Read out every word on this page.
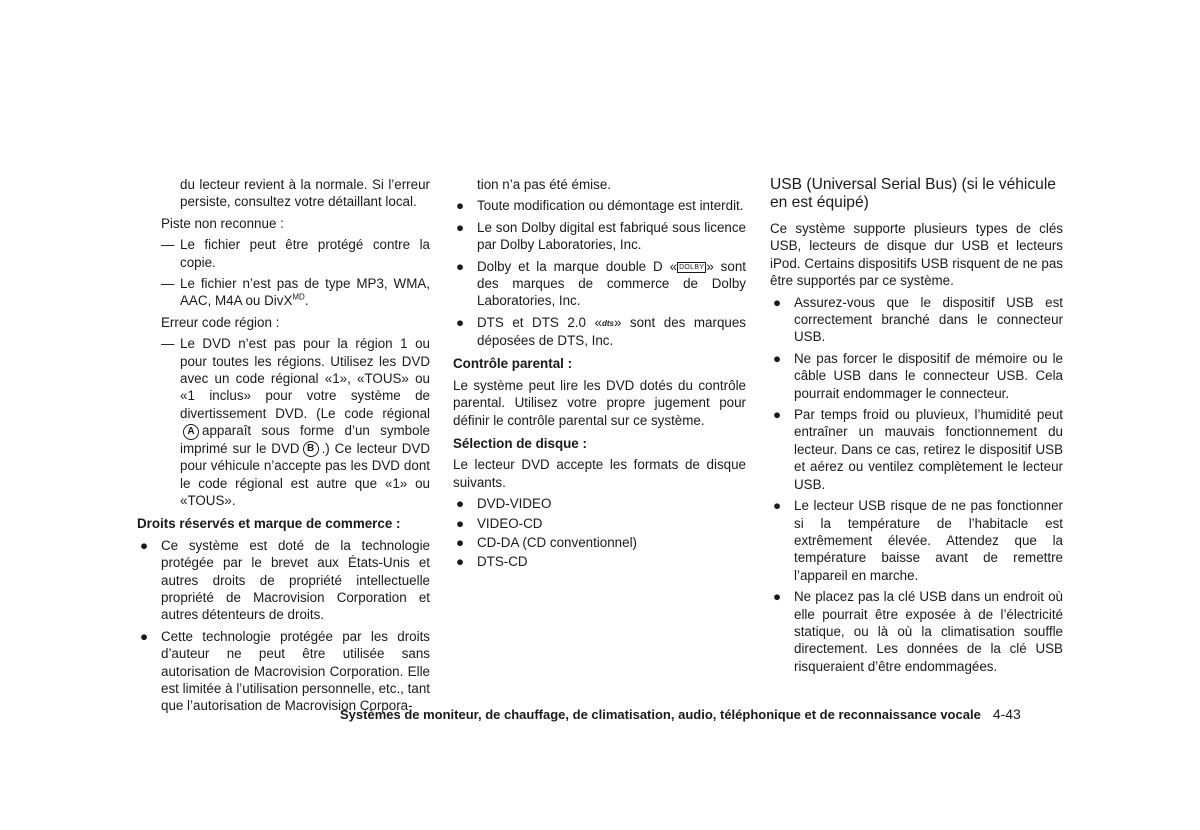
du lecteur revient à la normale. Si l’erreur persiste, consultez votre détaillant local.

Piste non reconnue :

— Le fichier peut être protégé contre la copie.

— Le fichier n’est pas de type MP3, WMA, AAC, M4A ou DivX$^{MD}$.

Erreur code région :

— Le DVD n’est pas pour la région 1 ou pour toutes les régions. Utilisez les DVD avec un code régional «1», «TOUS» ou «1 inclus» pour votre système de divertissement DVD. (Le code régionalA apparaît sous forme d’un symbole imprimé sur le DVD B .) Ce lecteur DVD pour véhicule n’accepte pas les DVD dont le code régional est autre que «1» ou «TOUS».

Droits réservés et marque de commerce :

● Ce système est doté de la technologie protégée par le brevet aux États-Unis et autres droits de propriété intellectuelle propriété de Macrovision Corporation et autres détenteurs de droits.
● Cette technologie protégée par les droits d’auteur ne peut être utilisée sans autorisation de Macrovision Corporation. Elle est limitée à l’utilisation personnelle, etc., tant que l’autorisation de Macrovision Corpora-

tion n’a pas été émise.

● Toute modification ou démontage est interdit.
● Le son Dolby digital est fabriqué sous licence par Dolby Laboratories, Inc.
● Dolby et la marque double D « DOLBY » sont des marques de commerce de Dolby Laboratories, Inc.
● DTS et DTS 2.0 «dts» sont des marques déposées de DTS, Inc.

Contrôle parental :

Le système peut lire les DVD dotés du contrôle parental. Utilisez votre propre jugement pour définir le contrôle parental sur ce système.

Sélection de disque :

Le lecteur DVD accepte les formats de disque suivants.

● DVD-VIDEO
● VIDEO-CD
● CD-DA (CD conventionnel)
● DTS-CD

USB (Universal Serial Bus) (si le véhicule en est équipé)

Ce système supporte plusieurs types de clés USB, lecteurs de disque dur USB et lecteurs iPod. Certains dispositifs USB risquent de ne pas être supportés par ce système.

● Assurez-vous que le dispositif USB est correctement branché dans le connecteur USB.
● Ne pas forcer le dispositif de mémoire ou le câble USB dans le connecteur USB. Cela pourrait endommager le connecteur.
● Par temps froid ou pluvieux, l’humidité peut entraîner un mauvais fonctionnement du lecteur. Dans ce cas, retirez le dispositif USB et aérez ou ventilez complètement le lecteur USB.
● Le lecteur USB risque de ne pas fonctionner si la température de l’habitacle est extrêmement élevée. Attendez que la température baisse avant de remettre l’appareil en marche.
● Ne placez pas la clé USB dans un endroit où elle pourrait être exposée à de l’électricité statique, ou là où la climatisation souffle directement. Les données de la clé USB risqueraient d’être endommagées.
Systèmes de moniteur, de chauffage, de climatisation, audio, téléphonique et de reconnaissance vocale 4-43
